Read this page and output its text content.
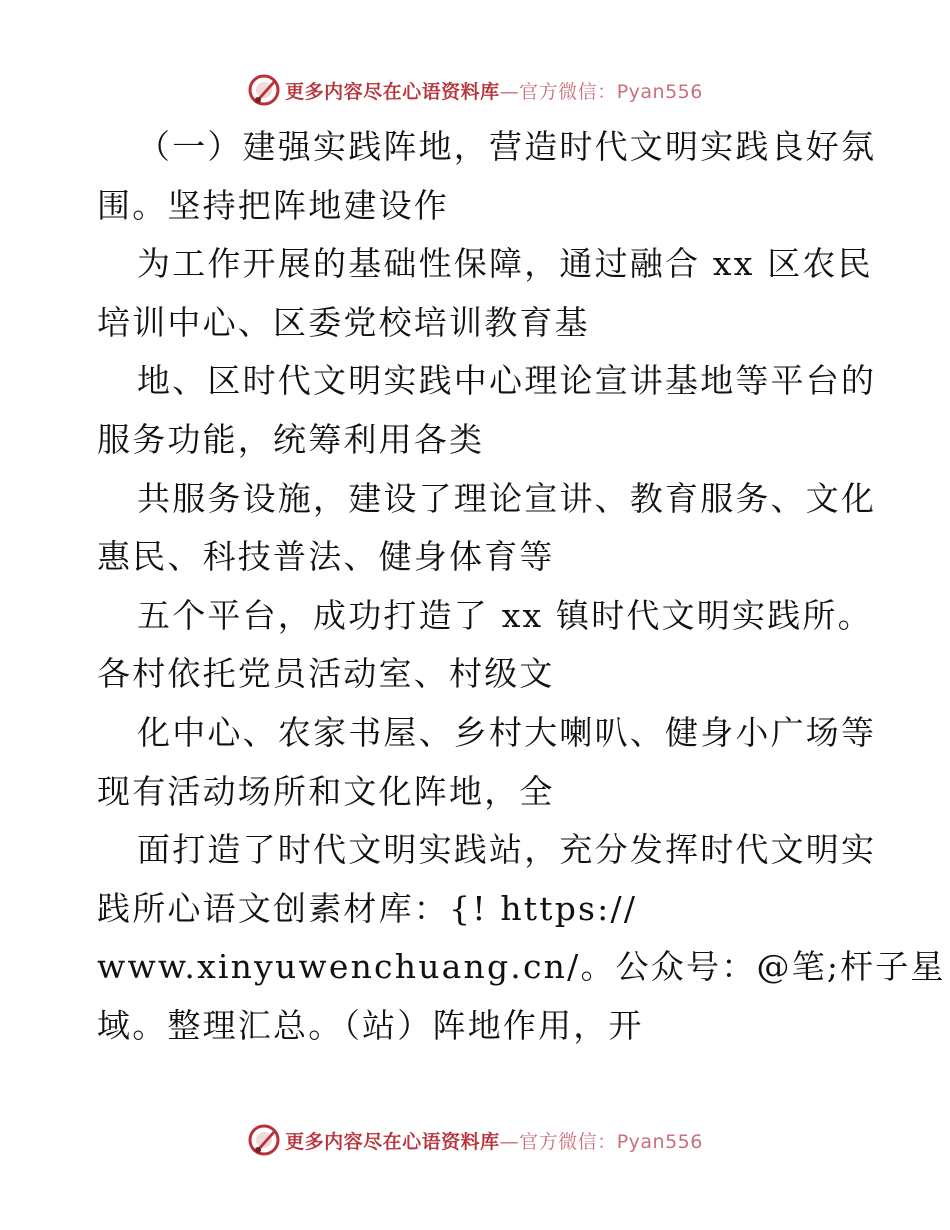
更多内容尽在心语资料库 — 官方微信： Pyan556
（一）建强实践阵地，营造时代文明实践良好氛
围。坚持把阵地建设作
为工作开展的基础性保障，通过融合 xx 区农民
培训中心、区委党校培训教育基
地、区时代文明实践中心理论宣讲基地等平台的
服务功能，统筹利用各类
共服务设施，建设了理论宣讲、教育服务、文化
惠民、科技普法、健身体育等
五个平台，成功打造了 xx 镇时代文明实践所。
各村依托党员活动室、村级文
化中心、农家书屋、乡村大喇叭、健身小广场等
现有活动场所和文化阵地，全
面打造了时代文明实践站，充分发挥时代文明实
践所心语文创素材库：{! https://
www.xinyuwenchuang.cn/。公众号：@笔;杆子星
域。整理汇总。（站）阵地作用，开
更多内容尽在心语资料库 — 官方微信： Pyan556
